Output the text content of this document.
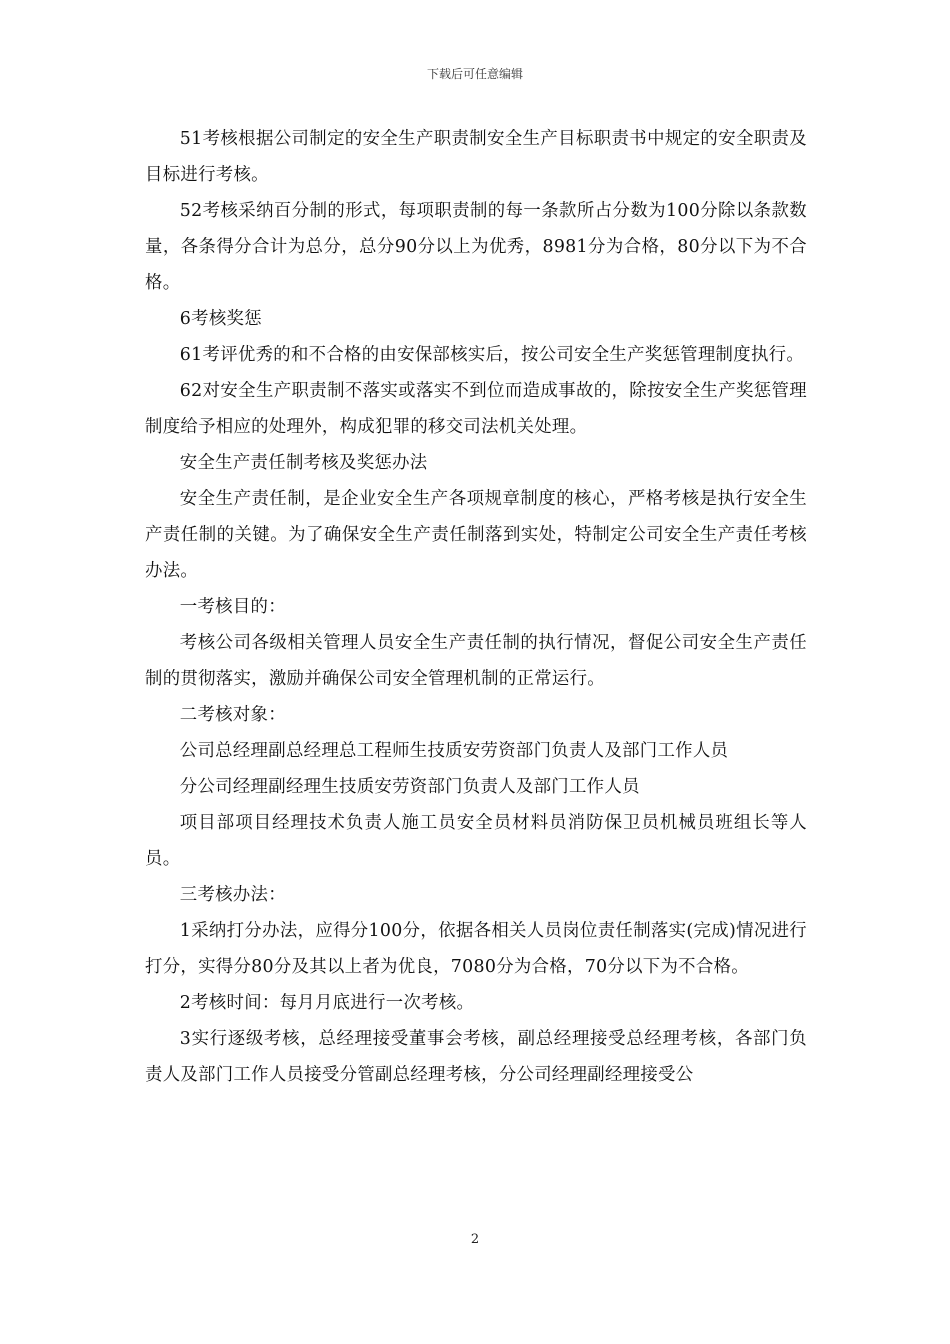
下载后可任意编辑

51考核根据公司制定的安全生产职责制安全生产目标职责书中规定的安全职责及目标进行考核。

52考核采纳百分制的形式，每项职责制的每一条款所占分数为100分除以条款数量，各条得分合计为总分，总分90分以上为优秀，8981分为合格，80分以下为不合格。

6考核奖惩

61考评优秀的和不合格的由安保部核实后，按公司安全生产奖惩管理制度执行。

62对安全生产职责制不落实或落实不到位而造成事故的，除按安全生产奖惩管理制度给予相应的处理外，构成犯罪的移交司法机关处理。

安全生产责任制考核及奖惩办法

安全生产责任制，是企业安全生产各项规章制度的核心，严格考核是执行安全生产责任制的关键。为了确保安全生产责任制落到实处，特制定公司安全生产责任考核办法。

一考核目的：

考核公司各级相关管理人员安全生产责任制的执行情况，督促公司安全生产责任制的贯彻落实，激励并确保公司安全管理机制的正常运行。

二考核对象：

公司总经理副总经理总工程师生技质安劳资部门负责人及部门工作人员

分公司经理副经理生技质安劳资部门负责人及部门工作人员

项目部项目经理技术负责人施工员安全员材料员消防保卫员机械员班组长等人员。

三考核办法：

1采纳打分办法，应得分100分，依据各相关人员岗位责任制落实(完成)情况进行打分，实得分80分及其以上者为优良，7080分为合格，70分以下为不合格。

2考核时间：每月月底进行一次考核。

3实行逐级考核，总经理接受董事会考核，副总经理接受总经理考核，各部门负责人及部门工作人员接受分管副总经理考核，分公司经理副经理接受公

2
